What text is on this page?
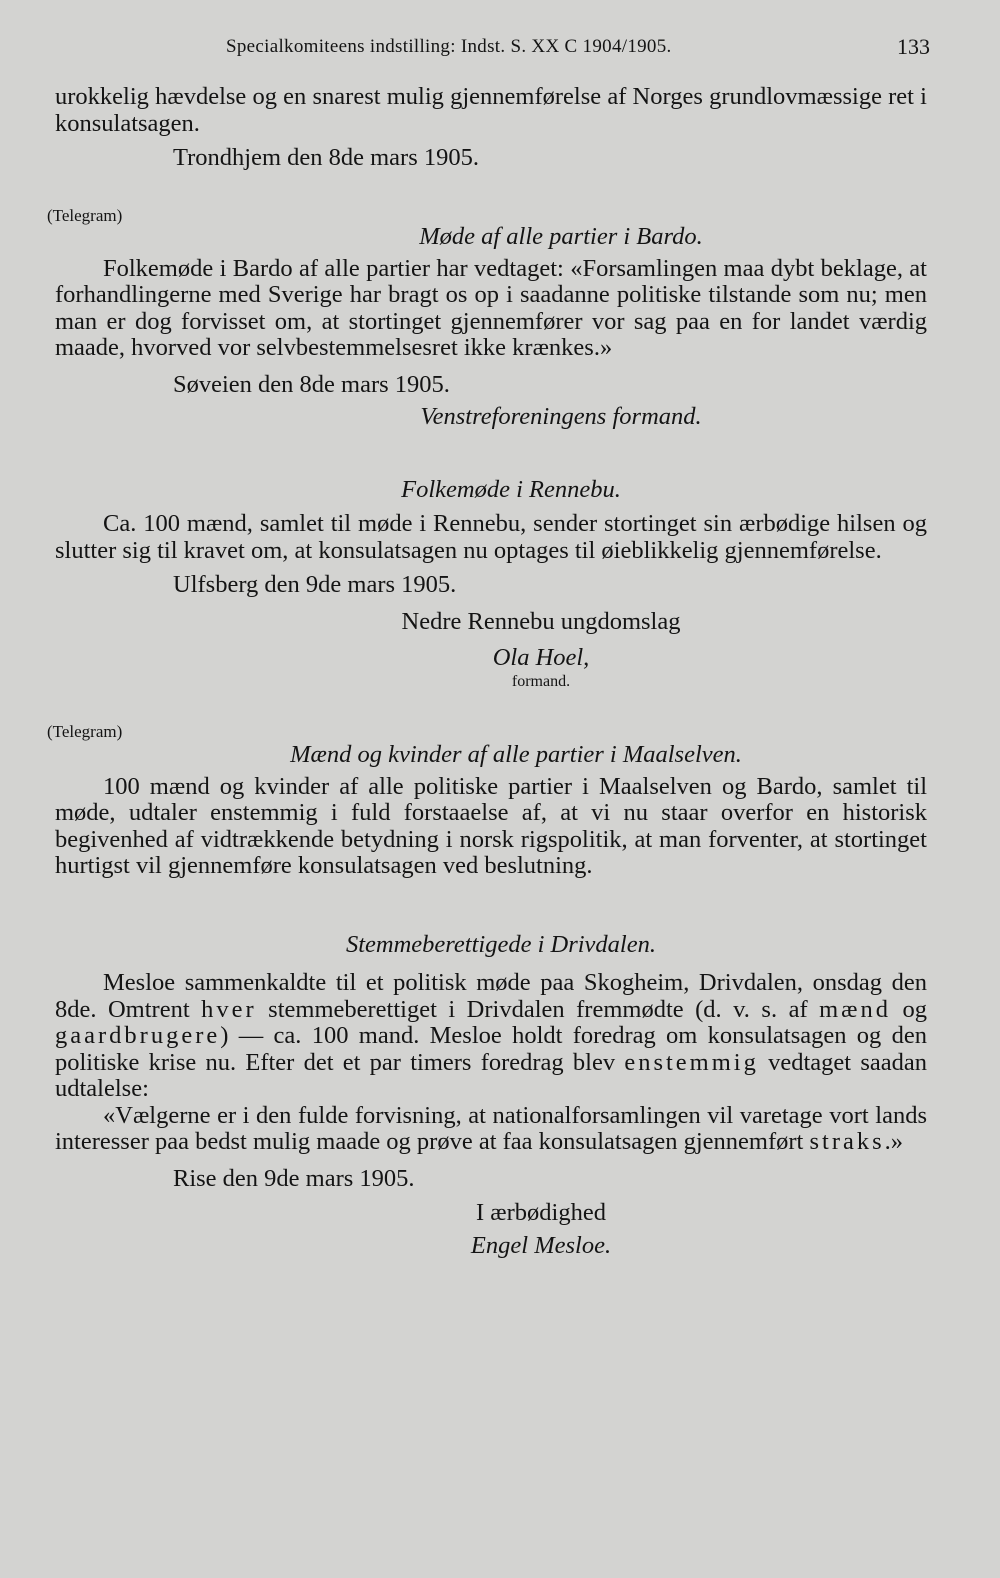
Specialkomiteens indstilling: Indst. S. XX C 1904/1905.	133

urokkelig hævdelse og en snarest mulig gjennemførelse af Norges grundlovmæssige ret i konsulatsagen.

Trondhjem den 8de mars 1905.

(Telegram)

Møde af alle partier i Bardo.

Folkemøde i Bardo af alle partier har vedtaget: «Forsamlingen maa dybt beklage, at forhandlingerne med Sverige har bragt os op i saadanne politiske tilstande som nu; men man er dog forvisset om, at stortinget gjennemfører vor sag paa en for landet værdig maade, hvorved vor selvbestemmelsesret ikke krænkes.»

Søveien den 8de mars 1905.

Venstreforeningens formand.

Folkemøde i Rennebu.

Ca. 100 mænd, samlet til møde i Rennebu, sender stortinget sin ærbødige hilsen og slutter sig til kravet om, at konsulatsagen nu optages til øieblikkelig gjennemførelse.

Ulfsberg den 9de mars 1905.

Nedre Rennebu ungdomslag

Ola Hoel,

formand.

(Telegram)

Mænd og kvinder af alle partier i Maalselven.

100 mænd og kvinder af alle politiske partier i Maalselven og Bardo, samlet til møde, udtaler enstemmig i fuld forstaaelse af, at vi nu staar overfor en historisk begivenhed af vidtrækkende betydning i norsk rigspolitik, at man forventer, at stortinget hurtigst vil gjennemføre konsulatsagen ved beslutning.

Stemmeberettigede i Drivdalen.

Mesloe sammenkaldte til et politisk møde paa Skogheim, Drivdalen, onsdag den 8de. Omtrent hver stemmeberettiget i Drivdalen fremmødte (d. v. s. af mænd og gaardbrugere) — ca. 100 mand. Mesloe holdt foredrag om konsulatsagen og den politiske krise nu. Efter det et par timers foredrag blev enstemmig vedtaget saadan udtalelse:

«Vælgerne er i den fulde forvisning, at nationalforsamlingen vil varetage vort lands interesser paa bedst mulig maade og prøve at faa konsulatsagen gjennemført straks.»

Rise den 9de mars 1905.

I ærbødighed

Engel Mesloe.
